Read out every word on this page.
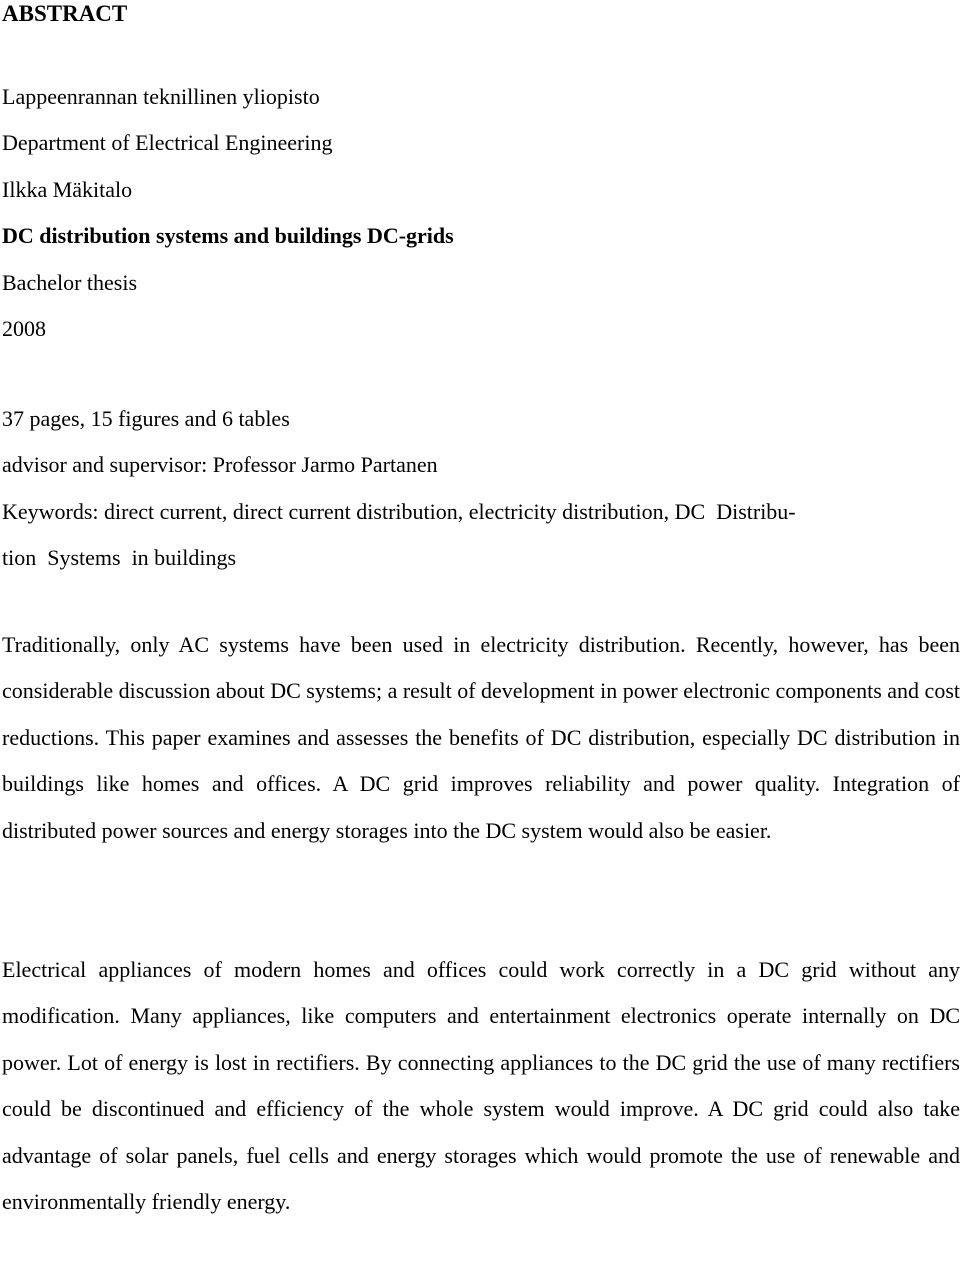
ABSTRACT
Lappeenrannan teknillinen yliopisto
Department of Electrical Engineering
Ilkka Mäkitalo
DC distribution systems and buildings DC-grids
Bachelor thesis
2008
37 pages, 15 figures and 6 tables
advisor and supervisor: Professor Jarmo Partanen
Keywords: direct current, direct current distribution, electricity distribution, DC  Distribu-
tion  Systems  in buildings

Traditionally, only AC systems have been used in electricity distribution. Recently, however, has been considerable discussion about DC systems; a result of development in power electronic components and cost reductions. This paper examines and assesses the benefits of DC distribution, especially DC distribution in buildings like homes and offices. A DC grid improves reliability and power quality. Integration of distributed power sources and energy storages into the DC system would also be easier.

Electrical appliances of modern homes and offices could work correctly in a DC grid without any modification. Many appliances, like computers and entertainment electronics operate internally on DC power. Lot of energy is lost in rectifiers. By connecting appliances to the DC grid the use of many rectifiers could be discontinued and efficiency of the whole system would improve. A DC grid could also take advantage of solar panels, fuel cells and energy storages which would promote the use of renewable and environmentally friendly energy.
